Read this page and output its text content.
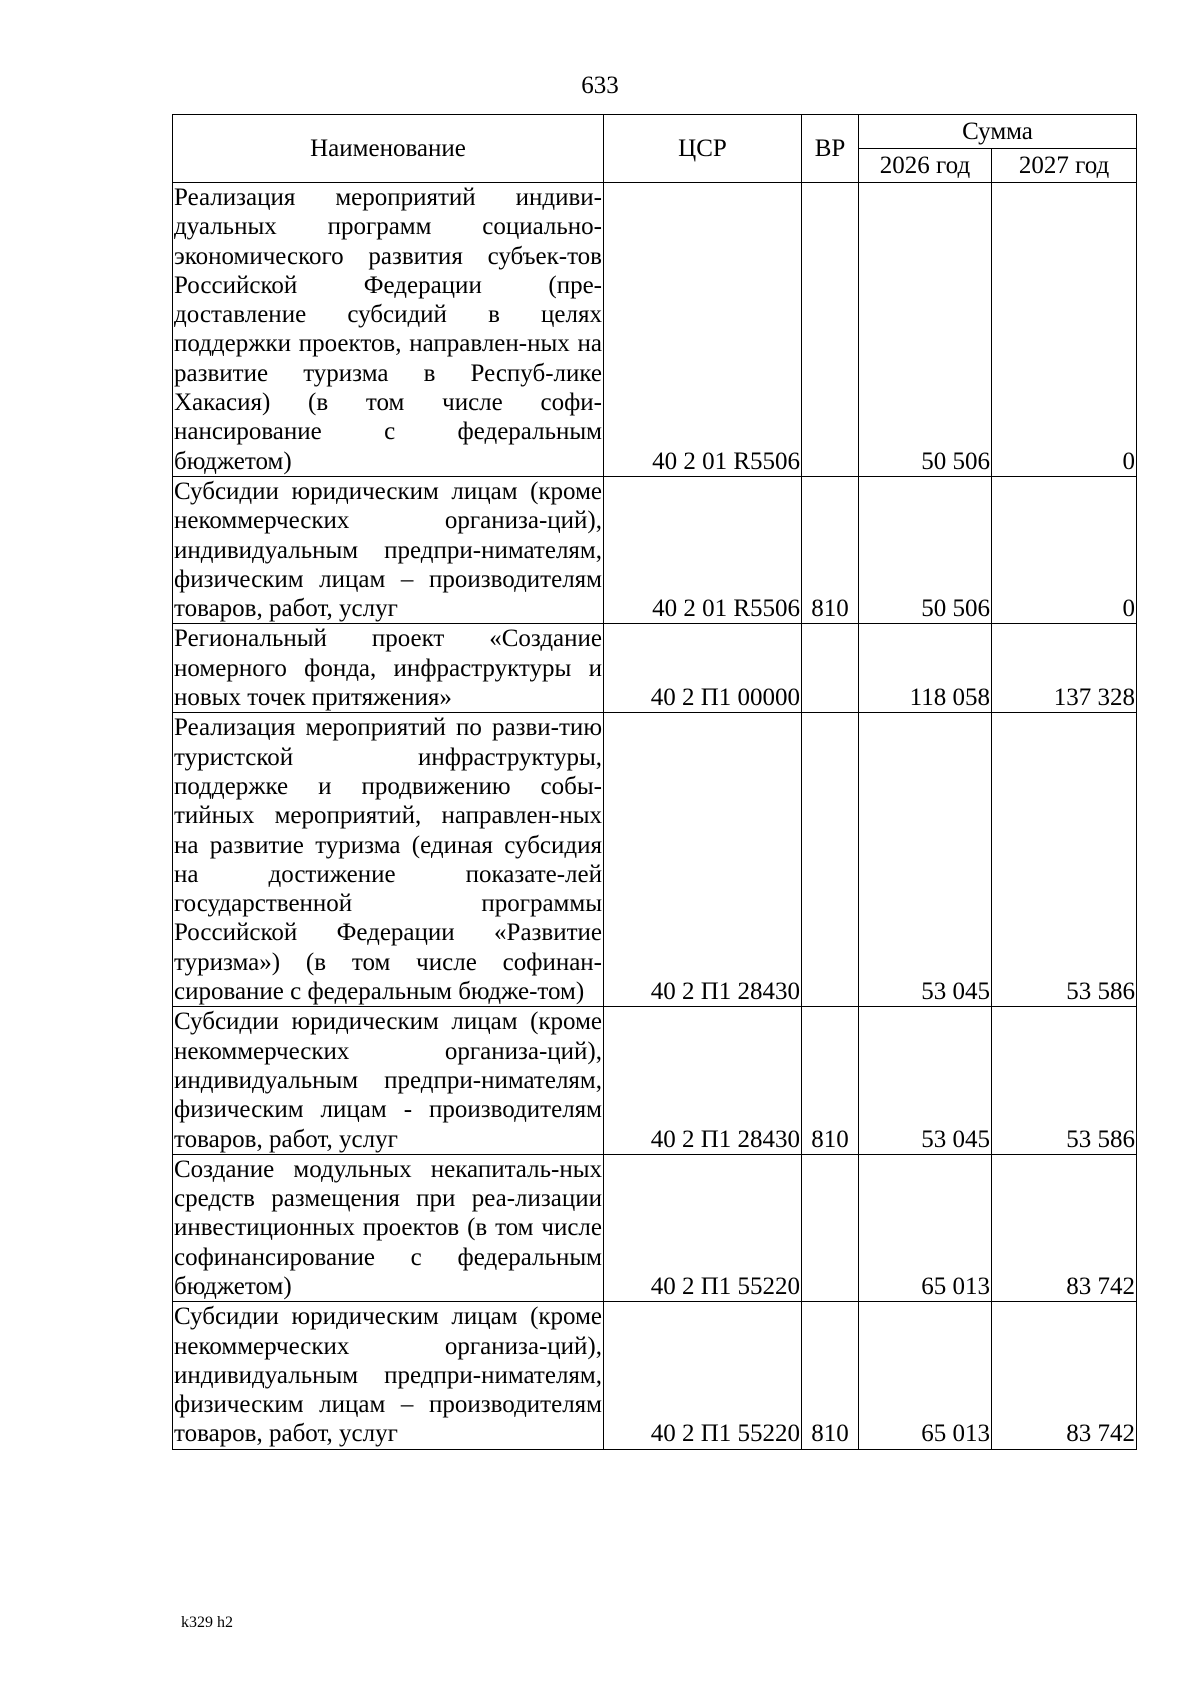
633
Наименование	ЦСР	ВР	Сумма	
			2026 год	2027 год
Реализация мероприятий индиви-дуальных программ социально-экономического развития субъек-тов Российской Федерации (пре-доставление субсидий в целях поддержки проектов, направлен-ных на развитие туризма в Респуб-лике Хакасия) (в том числе софи-нансирование с федеральным бюджетом)	40 2 01 R5506		50 506	0
Субсидии юридическим лицам (кроме некоммерческих организа-ций), индивидуальным предпри-нимателям, физическим лицам – производителям товаров, работ, услуг	40 2 01 R5506	810	50 506	0
Региональный проект «Создание номерного фонда, инфраструктуры и новых точек притяжения»	40 2 П1 00000		118 058	137 328
Реализация мероприятий по разви-тию туристской инфраструктуры, поддержке и продвижению собы-тийных мероприятий, направлен-ных на развитие туризма (единая субсидия на достижение показате-лей государственной программы Российской Федерации «Развитие туризма») (в том числе софинан-сирование с федеральным бюдже-том)	40 2 П1 28430		53 045	53 586
Субсидии юридическим лицам (кроме некоммерческих организа-ций), индивидуальным предпри-нимателям, физическим лицам - производителям товаров, работ, услуг	40 2 П1 28430	810	53 045	53 586
Создание модульных некапиталь-ных средств размещения при реа-лизации инвестиционных проектов (в том числе софинансирование с федеральным бюджетом)	40 2 П1 55220		65 013	83 742
Субсидии юридическим лицам (кроме некоммерческих организа-ций), индивидуальным предпри-нимателям, физическим лицам – производителям товаров, работ, услуг	40 2 П1 55220	810	65 013	83 742
k329 h2
